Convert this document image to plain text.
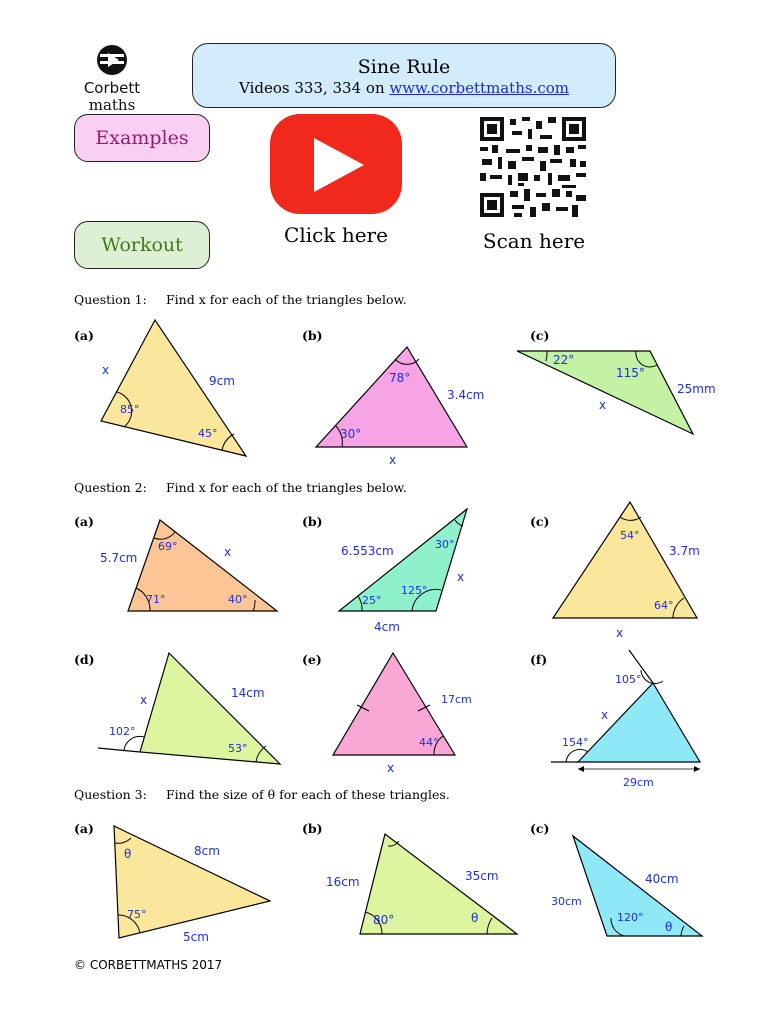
Corbett
maths
Sine Rule
Videos 333, 334 on www.corbettmaths.com
Examples
Workout	Click here	Scan here
Question 1: Find x for each of the triangles below.
(a)	(b)	(c)
x
9cm
85°
45°
78°
3.4cm
30°
x
22°
115°
25mm
x
5.7cm
69°	x
71°	40°
6.553cm	30°
125°
x
25°
4cm
54°
3.7m
64°
x
x	14cm
102°
53°
17cm
44°
x
105°
x
154°
29cm
θ	8cm
75°
5cm
16cm	35cm
80°	θ
40cm
30cm
120°
θ
Question 2: Find x for each of the triangles below.
(a)	(b)	(c)
(d)	(e)	(f)
Question 3: Find the size of θ for each of these triangles.
(a)	(b)	(c)
© CORBETTMATHS 2017
